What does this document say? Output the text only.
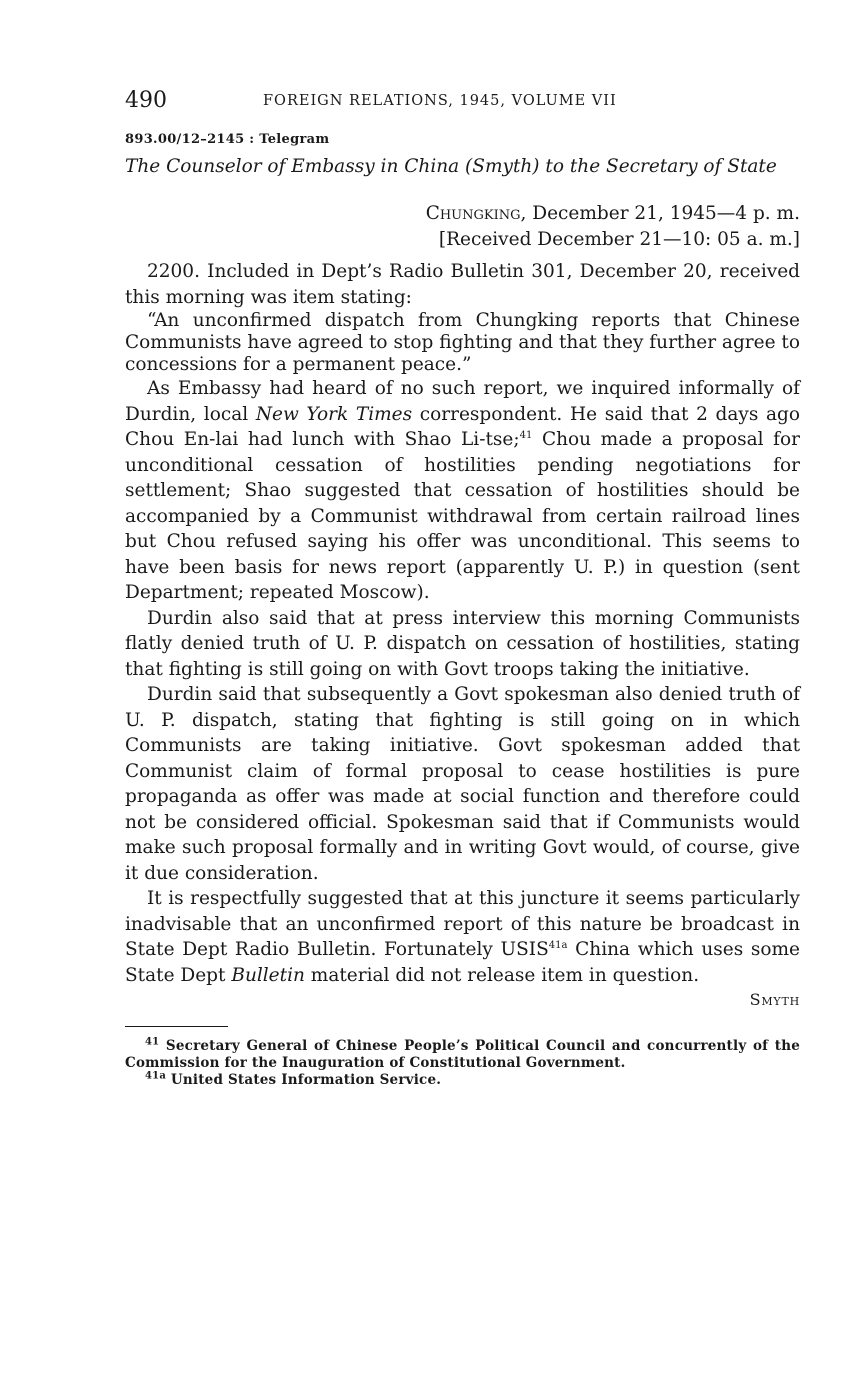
490	FOREIGN RELATIONS, 1945, VOLUME VII
893.00/12–2145 : Telegram
The Counselor of Embassy in China (Smyth) to the Secretary of State
Chungking, December 21, 1945—4 p. m.
[Received December 21—10: 05 a. m.]

2200. Included in Dept’s Radio Bulletin 301, December 20, received this morning was item stating:

“An unconfirmed dispatch from Chungking reports that Chinese Communists have agreed to stop fighting and that they further agree to concessions for a permanent peace.”

As Embassy had heard of no such report, we inquired informally of Durdin, local New York Times correspondent. He said that 2 days ago Chou En-lai had lunch with Shao Li-tse;$^{41}$ Chou made a proposal for unconditional cessation of hostilities pending negotiations for settlement; Shao suggested that cessation of hostilities should be accompanied by a Communist withdrawal from certain railroad lines but Chou refused saying his offer was unconditional. This seems to have been basis for news report (apparently U. P.) in question (sent Department; repeated Moscow).

Durdin also said that at press interview this morning Communists flatly denied truth of U. P. dispatch on cessation of hostilities, stating that fighting is still going on with Govt troops taking the initiative.

Durdin said that subsequently a Govt spokesman also denied truth of U. P. dispatch, stating that fighting is still going on in which Communists are taking initiative. Govt spokesman added that Communist claim of formal proposal to cease hostilities is pure propaganda as offer was made at social function and therefore could not be considered official. Spokesman said that if Communists would make such proposal formally and in writing Govt would, of course, give it due consideration.

It is respectfully suggested that at this juncture it seems particularly inadvisable that an unconfirmed report of this nature be broadcast in State Dept Radio Bulletin. Fortunately $USIS^{41a}$ China which uses some State Dept Bulletin material did not release item in question.

Smyth

$^{41}$ Secretary General of Chinese People’s Political Council and concurrently of the Commission for the Inauguration of Constitutional Government.

$^{41a}$ United States Information Service.
